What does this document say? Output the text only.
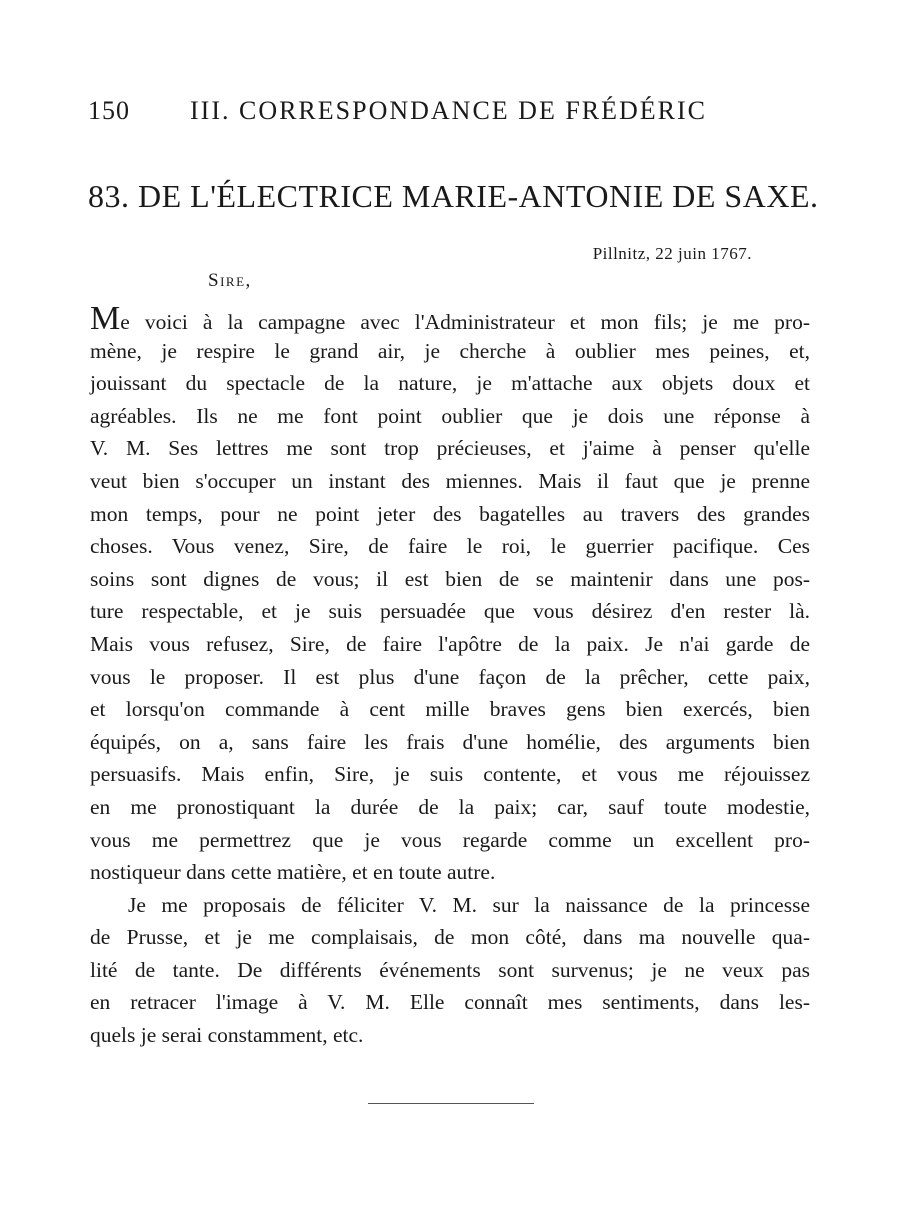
150 III. CORRESPONDANCE DE FRÉDÉRIC
83. DE L'ÉLECTRICE MARIE-ANTONIE DE SAXE.
Pillnitz, 22 juin 1767.
Sire,
Me voici à la campagne avec l'Administrateur et mon fils; je me pro-
mène, je respire le grand air, je cherche à oublier mes peines, et,
jouissant du spectacle de la nature, je m'attache aux objets doux et
agréables. Ils ne me font point oublier que je dois une réponse à
V. M. Ses lettres me sont trop précieuses, et j'aime à penser qu'elle
veut bien s'occuper un instant des miennes. Mais il faut que je prenne
mon temps, pour ne point jeter des bagatelles au travers des grandes
choses. Vous venez, Sire, de faire le roi, le guerrier pacifique. Ces
soins sont dignes de vous; il est bien de se maintenir dans une pos-
ture respectable, et je suis persuadée que vous désirez d'en rester là.
Mais vous refusez, Sire, de faire l'apôtre de la paix. Je n'ai garde de
vous le proposer. Il est plus d'une façon de la prêcher, cette paix,
et lorsqu'on commande à cent mille braves gens bien exercés, bien
équipés, on a, sans faire les frais d'une homélie, des arguments bien
persuasifs. Mais enfin, Sire, je suis contente, et vous me réjouissez
en me pronostiquant la durée de la paix; car, sauf toute modestie,
vous me permettrez que je vous regarde comme un excellent pro-
nostiqueur dans cette matière, et en toute autre.
Je me proposais de féliciter V. M. sur la naissance de la princesse
de Prusse, et je me complaisais, de mon côté, dans ma nouvelle qua-
lité de tante. De différents événements sont survenus; je ne veux pas
en retracer l'image à V. M. Elle connaît mes sentiments, dans les-
quels je serai constamment, etc.
